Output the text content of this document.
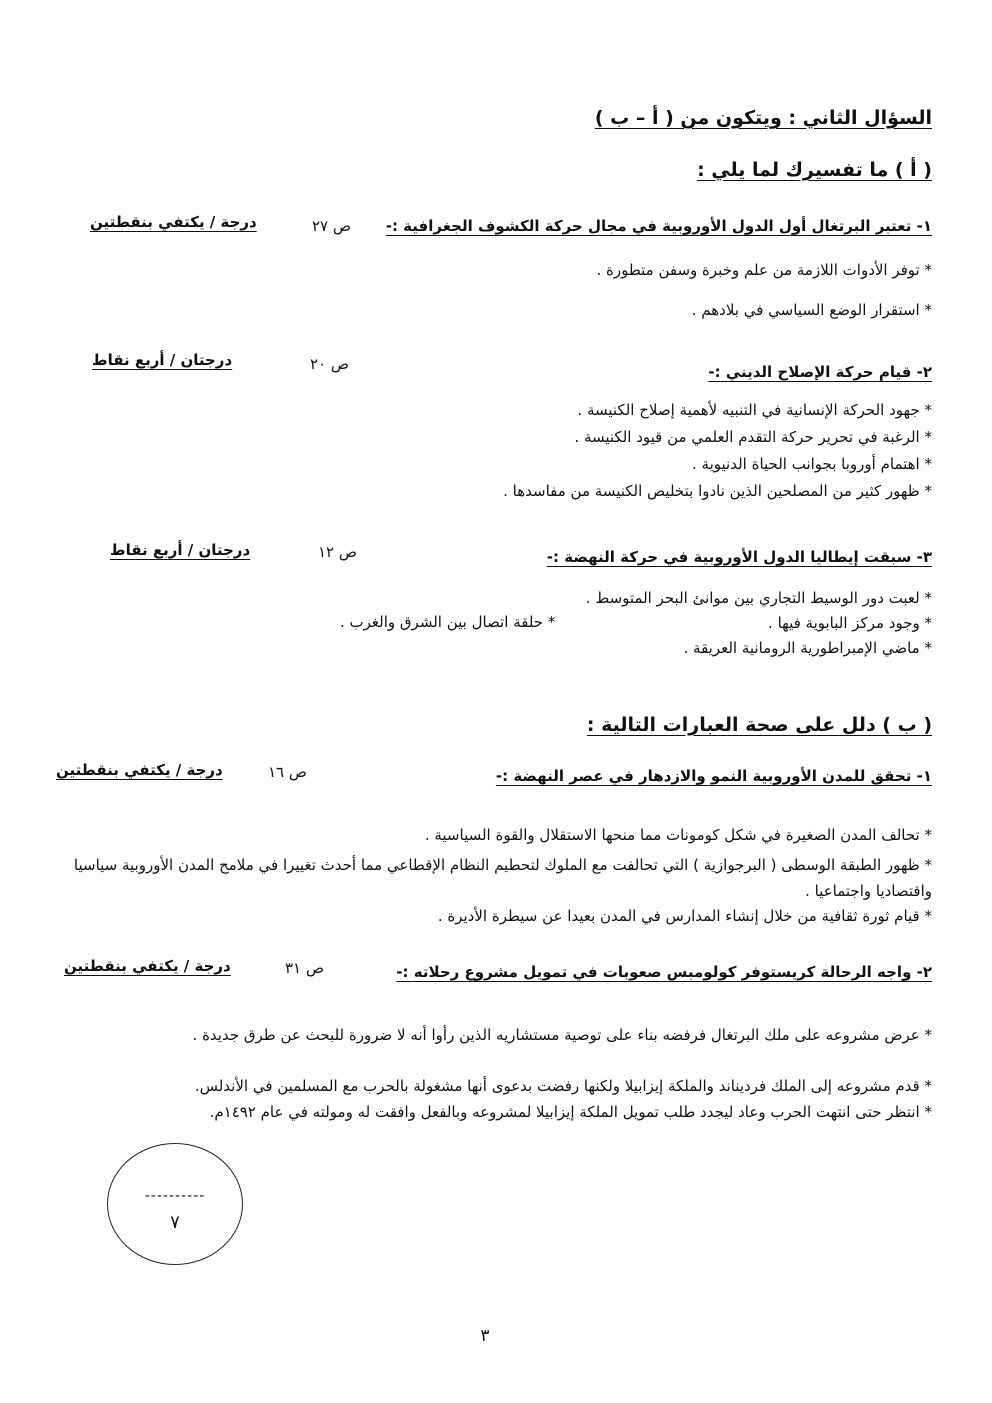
السؤال الثاني : ويتكون من ( أ – ب )
( أ ) ما تفسيرك لما يلي :
١- تعتبر البرتغال أول الدول الأوروبية في مجال حركة الكشوف الجغرافية :-
ص ٢٧
درجة / يكتفي بنقطتين
* توفر الأدوات اللازمة من علم وخبرة وسفن متطورة .
* استقرار الوضع السياسي في بلادهم .
٢- قيام حركة الإصلاح الديني :-
ص ٢٠
درجتان / أربع نقاط
* جهود الحركة الإنسانية في التنبيه لأهمية إصلاح الكنيسة .
* الرغبة في تحرير حركة التقدم العلمي من قيود الكنيسة .
* اهتمام أوروبا بجوانب الحياة الدنيوية .
* ظهور كثير من المصلحين الذين نادوا بتخليص الكنيسة من مفاسدها .
٣- سبقت إيطاليا الدول الأوروبية في حركة النهضة :-
ص ١٢
درجتان / أربع نقاط
* لعبت دور الوسيط التجاري بين موانئ البحر المتوسط .
* وجود مركز البابوية فيها .
* حلقة اتصال بين الشرق والغرب .
* ماضي الإمبراطورية الرومانية العريقة .
( ب ) دلل على صحة العبارات التالية :
١- تحقق للمدن الأوروبية النمو والازدهار في عصر النهضة :-
ص ١٦
درجة / يكتفي بنقطتين
* تحالف المدن الصغيرة في شكل كومونات مما منحها الاستقلال والقوة السياسية .
* ظهور الطبقة الوسطى ( البرجوازية ) التي تحالفت مع الملوك لتحطيم النظام الإقطاعي مما أحدث تغييرا في ملامح المدن الأوروبية سياسيا واقتصاديا واجتماعيا .
* قيام ثورة ثقافية من خلال إنشاء المدارس في المدن بعيدا عن سيطرة الأديرة .
٢- واجه الرحالة كريستوفر كولومبس صعوبات في تمويل مشروع رحلاته :-
ص ٣١
درجة / يكتفي بنقطتين
* عرض مشروعه على ملك البرتغال فرفضه بناء على توصية مستشاريه الذين رأوا أنه لا ضرورة للبحث عن طرق جديدة .
* قدم مشروعه إلى الملك فرديناند والملكة إيزابيلا ولكنها رفضت بدعوى أنها مشغولة بالحرب مع المسلمين في الأندلس.
* انتظر حتى انتهت الحرب وعاد ليجدد طلب تمويل الملكة إيزابيلا لمشروعه وبالفعل وافقت له ومولته في عام ١٤٩٢م.
----------
٧
٣
